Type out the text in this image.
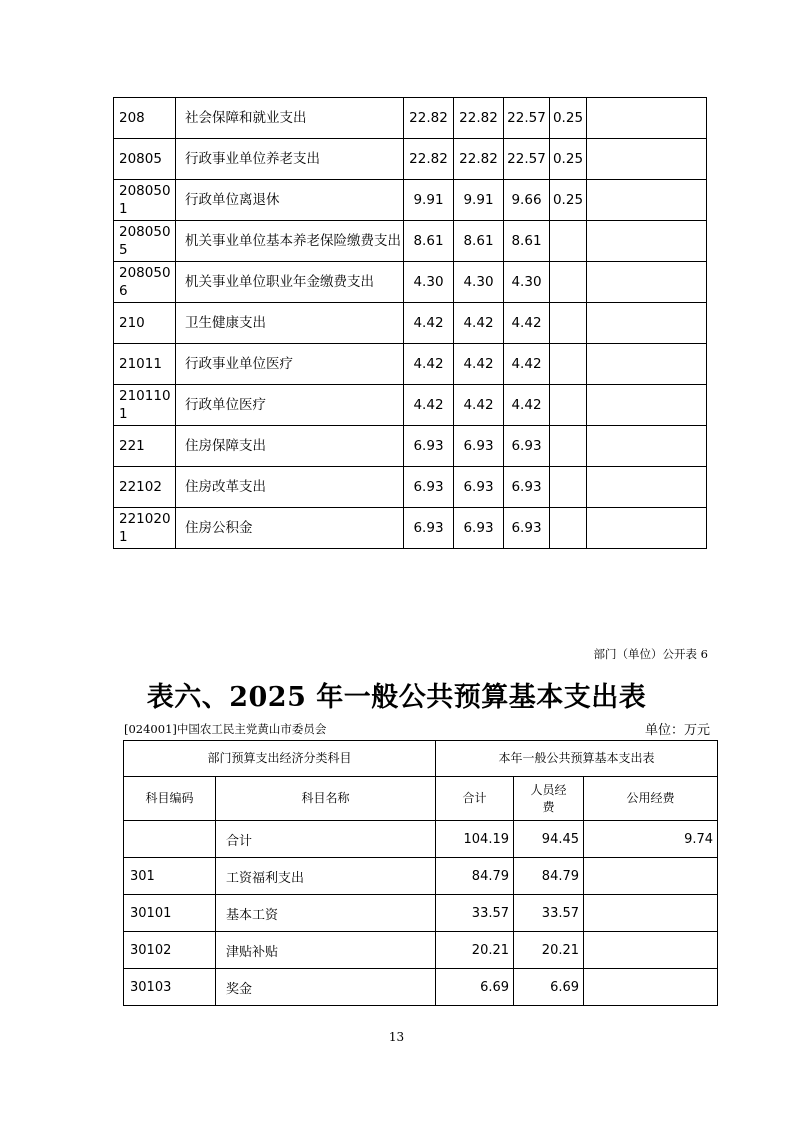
208	社会保障和就业支出	22.82	22.82	22.57	0.25	
20805	行政事业单位养老支出	22.82	22.82	22.57	0.25	
2080501	行政单位离退休	9.91	9.91	9.66	0.25	
2080505	机关事业单位基本养老保险缴费支出	8.61	8.61	8.61		
2080506	机关事业单位职业年金缴费支出	4.30	4.30	4.30		
210	卫生健康支出	4.42	4.42	4.42		
21011	行政事业单位医疗	4.42	4.42	4.42		
2101101	行政单位医疗	4.42	4.42	4.42		
221	住房保障支出	6.93	6.93	6.93		
22102	住房改革支出	6.93	6.93	6.93		
2210201	住房公积金	6.93	6.93	6.93		
部门（单位）公开表 6
表六、2025 年一般公共预算基本支出表
[024001]中国农工民主党黄山市委员会	单位：万元
部门预算支出经济分类科目		本年一般公共预算基本支出表		
科目编码	科目名称	合计	人员经费	公用经费
	合计	104.19	94.45	9.74
301	工资福利支出	84.79	84.79	
30101	基本工资	33.57	33.57	
30102	津贴补贴	20.21	20.21	
30103	奖金	6.69	6.69	
13
